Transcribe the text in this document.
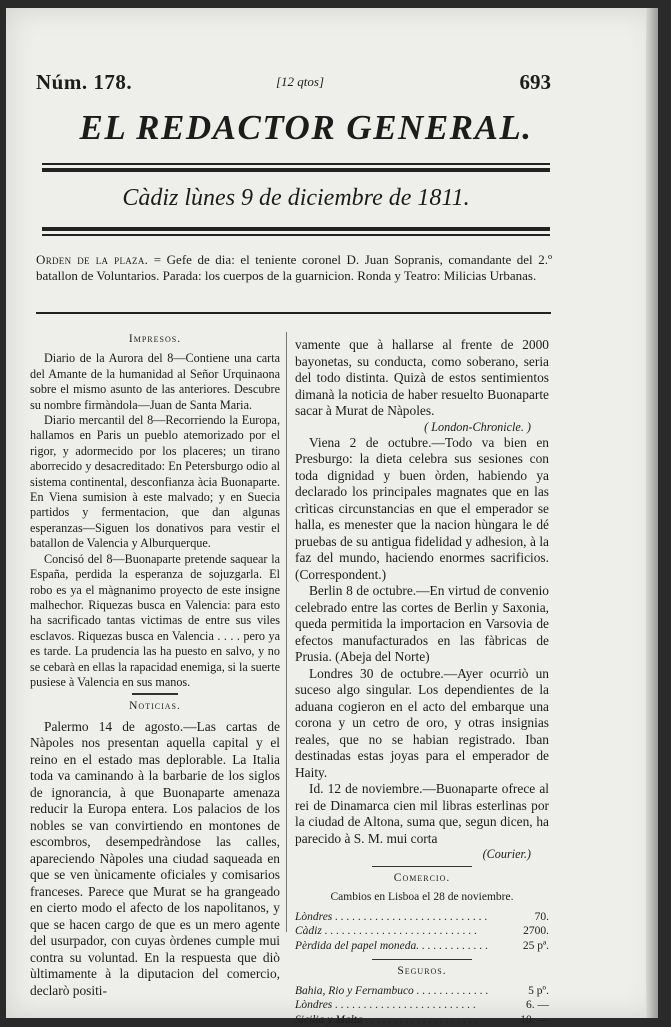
Núm. 178.	[12 qtos]	693
EL REDACTOR GENERAL.
Càdiz lùnes 9 de diciembre de 1811.
Orden de la plaza. = Gefe de dia: el teniente coronel D. Juan Sopranis, comandante del 2.º batallon de Voluntarios. Parada: los cuerpos de la guarnicion. Ronda y Teatro: Milicias Urbanas.
Impresos.

Diario de la Aurora del 8—Contiene una carta del Amante de la humanidad al Señor Urquinaona sobre el mismo asunto de las anteriores. Descubre su nombre firmàndola—Juan de Santa Maria.

Diario mercantil del 8—Recorriendo la Europa, hallamos en Paris un pueblo atemorizado por el rigor, y adormecido por los placeres; un tirano aborrecido y desacreditado: En Petersburgo odio al sistema continental, desconfianza àcia Buonaparte. En Viena sumision à este malvado; y en Suecia partidos y fermentacion, que dan algunas esperanzas—Siguen los donativos para vestir el batallon de Valencia y Alburquerque.

Concisó del 8—Buonaparte pretende saquear la España, perdida la esperanza de sojuzgarla. El robo es ya el màgnanimo proyecto de este insigne malhechor. Riquezas busca en Valencia: para esto ha sacrificado tantas victimas de entre sus viles esclavos. Riquezas busca en Valencia . . . . pero ya es tarde. La prudencia las ha puesto en salvo, y no se cebarà en ellas la rapacidad enemiga, si la suerte pusiese à Valencia en sus manos.

Noticias.

Palermo 14 de agosto.—Las cartas de Nàpoles nos presentan aquella capital y el reino en el estado mas deplorable. La Italia toda va caminando à la barbarie de los siglos de ignorancia, à que Buonaparte amenaza reducir la Europa entera. Los palacios de los nobles se van convirtiendo en montones de escombros, desempedràndose las calles, apareciendo Nàpoles una ciudad saqueada en que se ven ùnicamente oficiales y comisarios franceses. Parece que Murat se ha grangeado en cierto modo el afecto de los napolitanos, y que se hacen cargo de que es un mero agente del usurpador, con cuyas òrdenes cumple mui contra su voluntad. En la respuesta que diò ùltimamente à la diputacion del comercio, declarò positi-

vamente que à hallarse al frente de 2000 bayonetas, su conducta, como soberano, seria del todo distinta. Quizà de estos sentimientos dimanà la noticia de haber resuelto Buonaparte sacar à Murat de Nàpoles.

( London-Chronicle. )

Viena 2 de octubre.—Todo va bien en Presburgo: la dieta celebra sus sesiones con toda dignidad y buen òrden, habiendo ya declarado los principales magnates que en las crìticas circunstancias en que el emperador se halla, es menester que la nacion hùngara le dé pruebas de su antigua fidelidad y adhesion, à la faz del mundo, haciendo enormes sacrificios. (Correspondent.)

Berlin 8 de octubre.—En virtud de convenio celebrado entre las cortes de Berlin y Saxonia, queda permitida la importacion en Varsovia de efectos manufacturados en las fàbricas de Prusia. (Abeja del Norte)

Londres 30 de octubre.—Ayer ocurriò un suceso algo singular. Los dependientes de la aduana cogieron en el acto del embarque una corona y un cetro de oro, y otras insignias reales, que no se habian registrado. Iban destinadas estas joyas para el emperador de Haity.

Id. 12 de noviembre.—Buonaparte ofrece al rei de Dinamarca cien mil libras esterlinas por la ciudad de Altona, suma que, segun dicen, ha parecido à S. M. mui corta

(Courier.)
Comercio.
Cambios en Lisboa el 28 de noviembre.
Lòndres . . . . . . . . . . . . . . . . . . . . . . . . . . .	70.
Càdiz . . . . . . . . . . . . . . . . . . . . . . . . . . .	2700.
Pèrdida del papel moneda. . . . . . . . . . . . .	25 pª.
Seguros.
Bahia, Rio y Fernambuco . . . . . . . . . . . . .	5 pº.
Lòndres . . . . . . . . . . . . . . . . . . . . . . . . .	6. —
Sicilia y Malta . . . . . . . . . . . . . . . . . . . .	10. —
